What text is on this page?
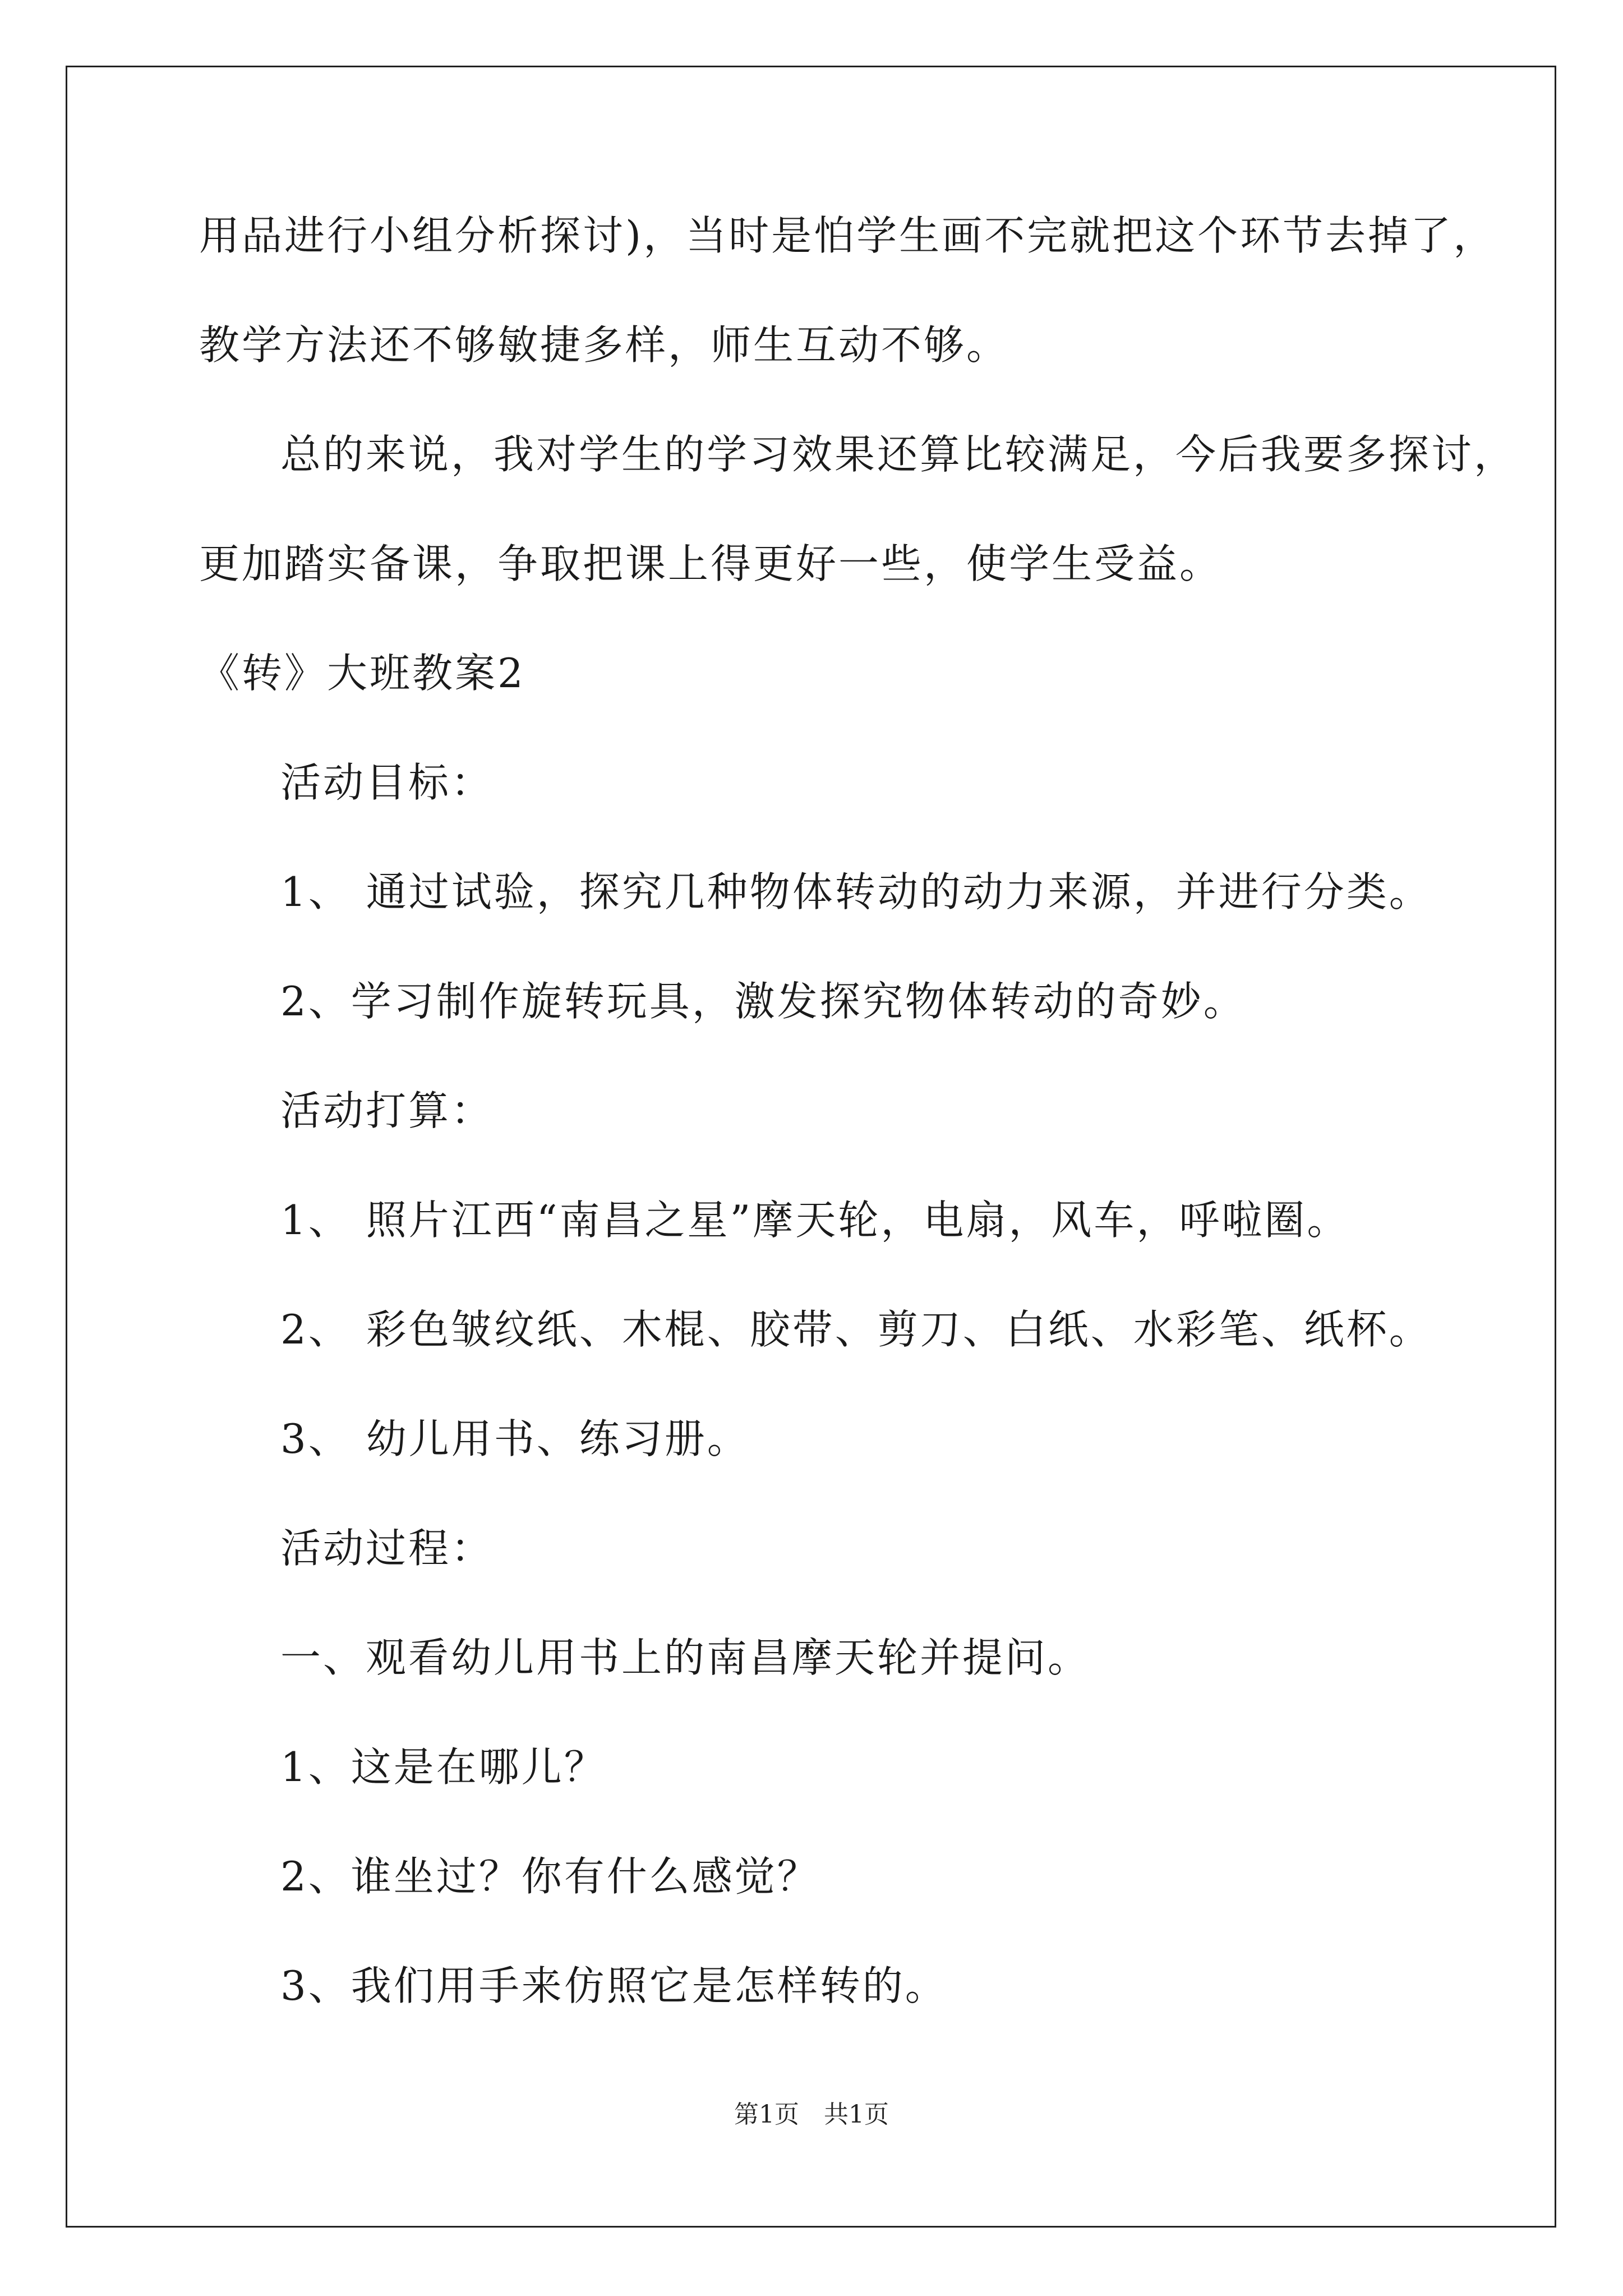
用品进行小组分析探讨)，当时是怕学生画不完就把这个环节去掉了，
教学方法还不够敏捷多样，师生互动不够。
总的来说，我对学生的学习效果还算比较满足，今后我要多探讨，
更加踏实备课，争取把课上得更好一些，使学生受益。
《转》大班教案2
活动目标：
1、 通过试验，探究几种物体转动的动力来源，并进行分类。
2、学习制作旋转玩具，激发探究物体转动的奇妙。
活动打算：
1、 照片江西“南昌之星”摩天轮，电扇，风车，呼啦圈。
2、 彩色皱纹纸、木棍、胶带、剪刀、白纸、水彩笔、纸杯。
3、 幼儿用书、练习册。
活动过程：
一、观看幼儿用书上的南昌摩天轮并提问。
1、这是在哪儿？
2、谁坐过？你有什么感觉？
3、我们用手来仿照它是怎样转的。
第1页　共1页
